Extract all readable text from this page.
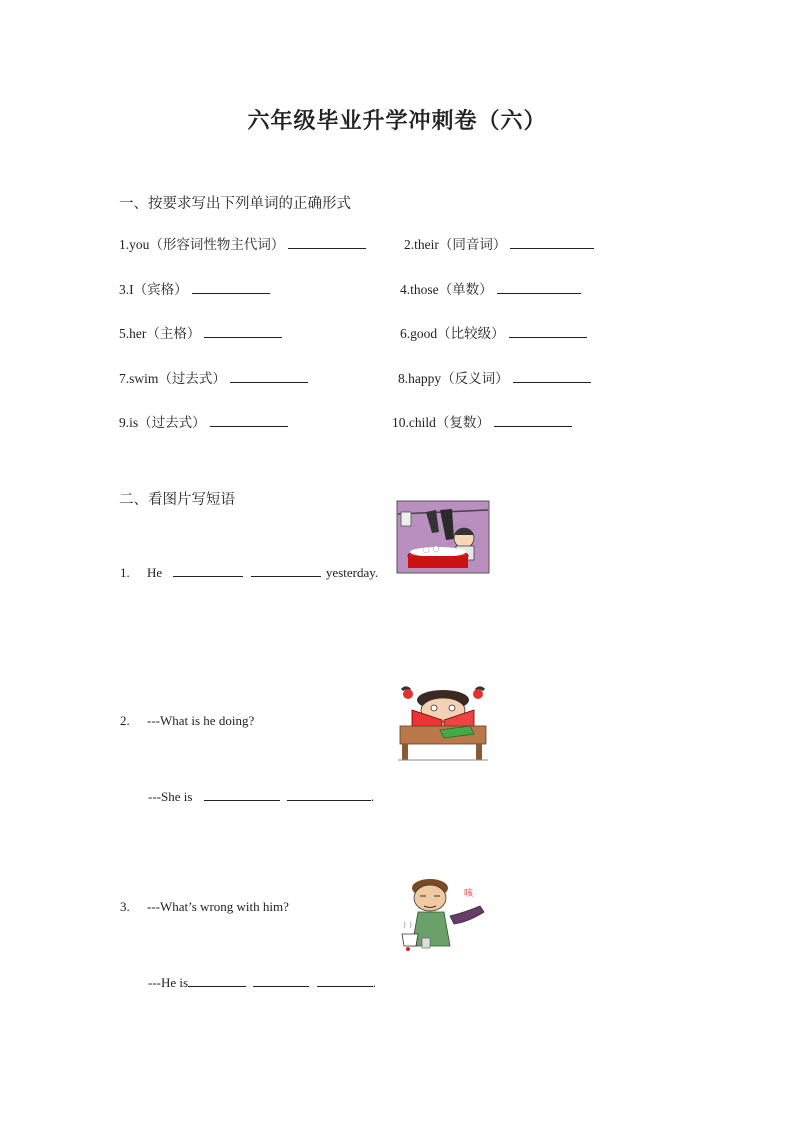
六年级毕业升学冲刺卷（六）
一、按要求写出下列单词的正确形式
1.you（形容词性物主代词）	2.their（同音词）
3.I（宾格）	4.those（单数）
5.her（主格）	6.good（比较级）
7.swim（过去式）	8.happy（反义词）
9.is（过去式）	10.child（复数）
二、看图片写短语
1. He	yesterday.
2. ---What is he doing?
---She is	.
咳
3. ---What’s wrong with him?
---He is	.
